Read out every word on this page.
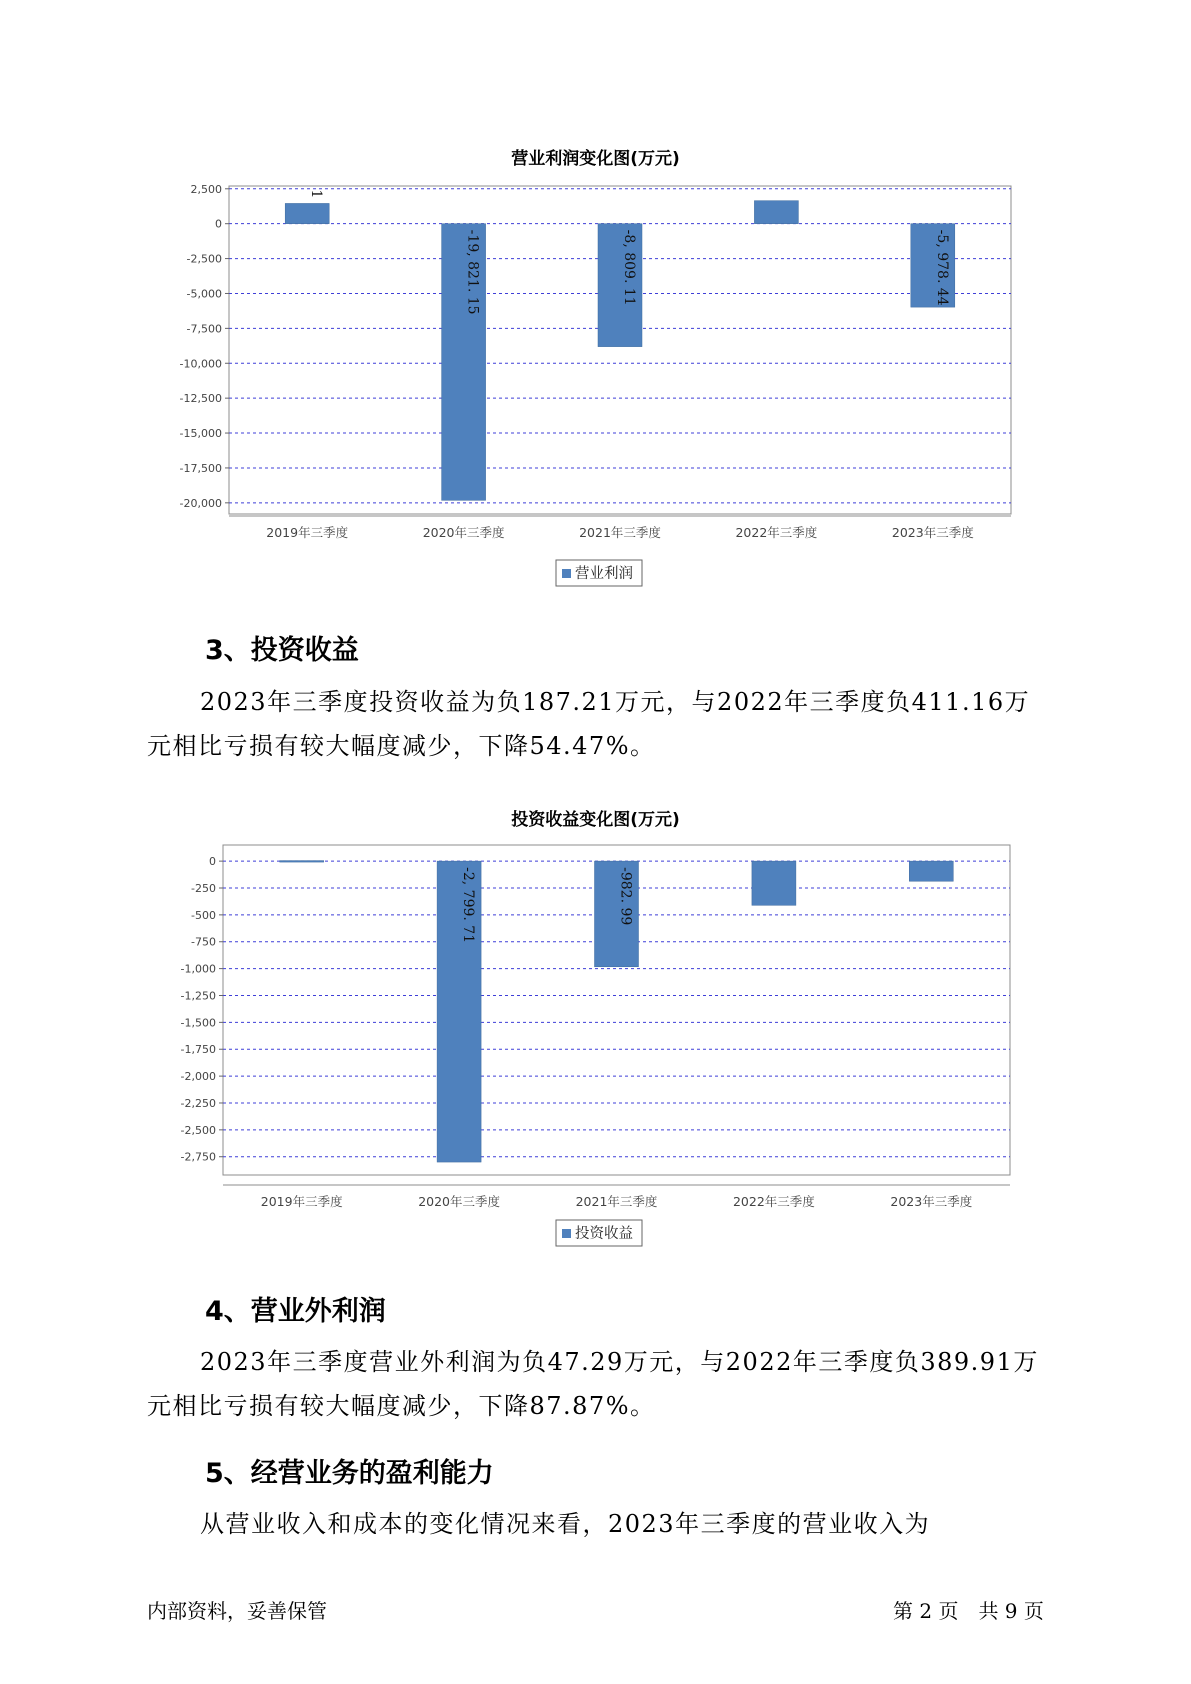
营业利润变化图(万元)
2,500
0
-2,500
-5,000
-7,500
-10,000
-12,500
-15,000
-17,500
-20,000
2019年三季度
1
2020年三季度
-19, 821. 15
2021年三季度
-8, 809. 11
2022年三季度	2023年三季度
-5, 978. 44
营业利润
3、投资收益
2023年三季度投资收益为负187.21万元，与2022年三季度负411.16万
元相比亏损有较大幅度减少，下降54.47%。
投资收益变化图(万元)
0
-250
-500
-750
-1,000
-1,250
-1,500
-1,750
-2,000
-2,250
-2,500
-2,750
2019年三季度	2020年三季度
-2, 799. 71
2021年三季度
-982. 99
2022年三季度	2023年三季度
投资收益
4、营业外利润
2023年三季度营业外利润为负47.29万元，与2022年三季度负389.91万
元相比亏损有较大幅度减少，下降87.87%。
5、经营业务的盈利能力
从营业收入和成本的变化情况来看，2023年三季度的营业收入为
内部资料，妥善保管	第 2 页　共 9 页
